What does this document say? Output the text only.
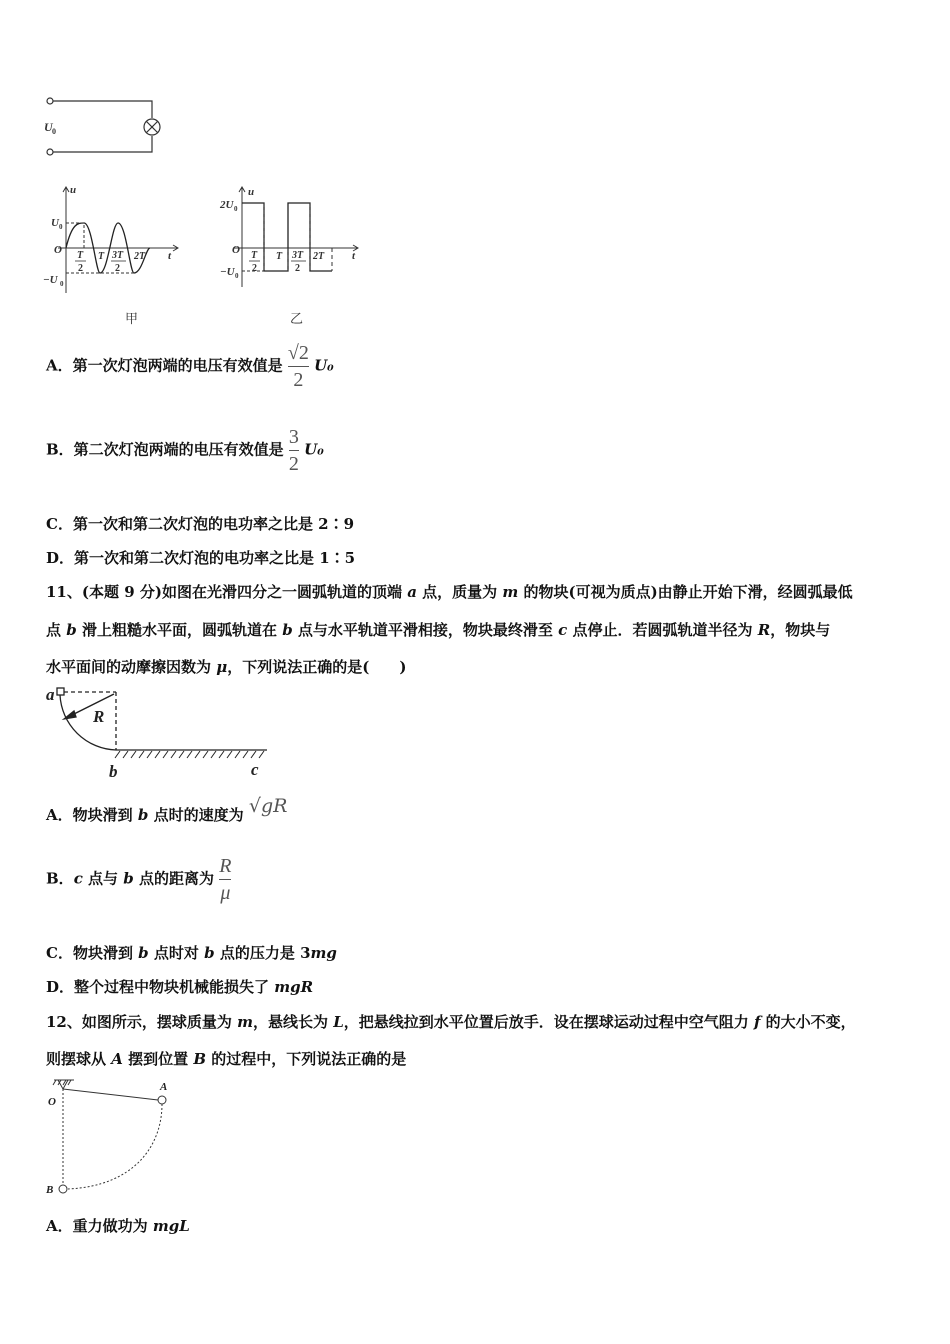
U 0
u
t
O
U 0
−U 0
T
2
T 3T
2
2T
甲
u
t
O
2U 0
−U 0
T
2
T 3T
2
2T
乙
A．第一次灯泡两端的电压有效值是 $\frac{√2}{2} U_0$
B．第二次灯泡两端的电压有效值是 $\frac{3}{2} U_0$
C．第一次和第二次灯泡的电功率之比是 2∶9
D．第一次和第二次灯泡的电功率之比是 1∶5
11、(本题 9 分)如图在光滑四分之一圆弧轨道的顶端 a 点，质量为 m 的物块(可视为质点)由静止开始下滑，经圆弧最低
点 b 滑上粗糙水平面，圆弧轨道在 b 点与水平轨道平滑相接，物块最终滑至 c 点停止．若圆弧轨道半径为 R，物块与
水平面间的动摩擦因数为 μ，下列说法正确的是(　　)
a
R
b	c
A．物块滑到 b 点时的速度为 √gR
B．c 点与 b 点的距离为 $\frac{R}{\mu}$
C．物块滑到 b 点时对 b 点的压力是 3mg
D．整个过程中物块机械能损失了 mgR
12、如图所示，摆球质量为 m，悬线长为 L，把悬线拉到水平位置后放手．设在摆球运动过程中空气阻力 f 的大小不变，
则摆球从 A 摆到位置 B 的过程中，下列说法正确的是
O
A
B
A．重力做功为 mgL
